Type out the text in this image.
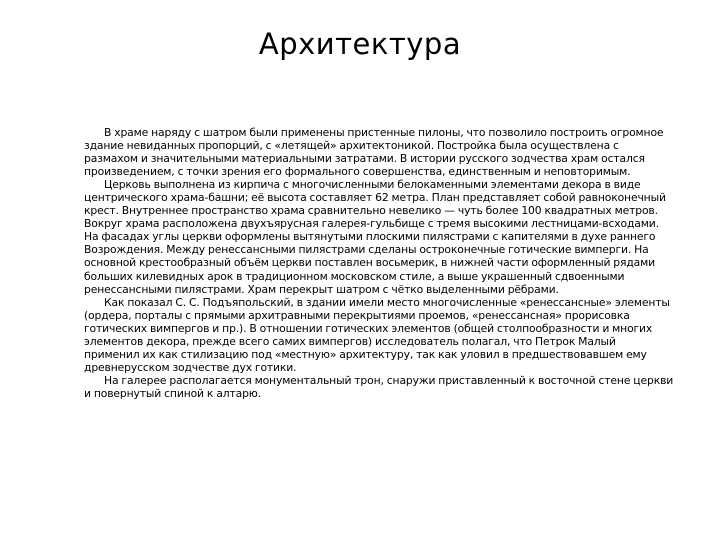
Архитектура

В храме наряду с шатром были применены пристенные пилоны, что позволило построить огромное здание невиданных пропорций, с «летящей» архитектоникой. Постройка была осуществлена с размахом и значительными материальными затратами. В истории русского зодчества храм остался произведением, с точки зрения его формального совершенства, единственным и неповторимым.

Церковь выполнена из кирпича с многочисленными белокаменными элементами декора в виде центрического храма-башни; её высота составляет 62 метра. План представляет собой равноконечный крест. Внутреннее пространство храма сравнительно невелико — чуть более 100 квадратных метров. Вокруг храма расположена двухъярусная галерея-гульбище с тремя высокими лестницами-всходами. На фасадах углы церкви оформлены вытянутыми плоскими пилястрами с капителями в духе раннего Возрождения. Между ренессансными пилястрами сделаны остроконечные готические вимперги. На основной крестообразный объём церкви поставлен восьмерик, в нижней части оформленный рядами больших килевидных арок в традиционном московском стиле, а выше украшенный сдвоенными ренессансными пилястрами. Храм перекрыт шатром с чётко выделенными рёбрами.

Как показал С. С. Подъяпольский, в здании имели место многочисленные «ренессансные» элементы (ордера, порталы с прямыми архитравными перекрытиями проемов, «ренессансная» прорисовка готических вимпергов и пр.). В отношении готических элементов (общей столпообразности и многих элементов декора, прежде всего самих вимпергов) исследователь полагал, что Петрок Малый применил их как стилизацию под «местную» архитектуру, так как уловил в предшествовавшем ему древнерусском зодчестве дух готики.

На галерее располагается монументальный трон, снаружи приставленный к восточной стене церкви и повернутый спиной к алтарю.
